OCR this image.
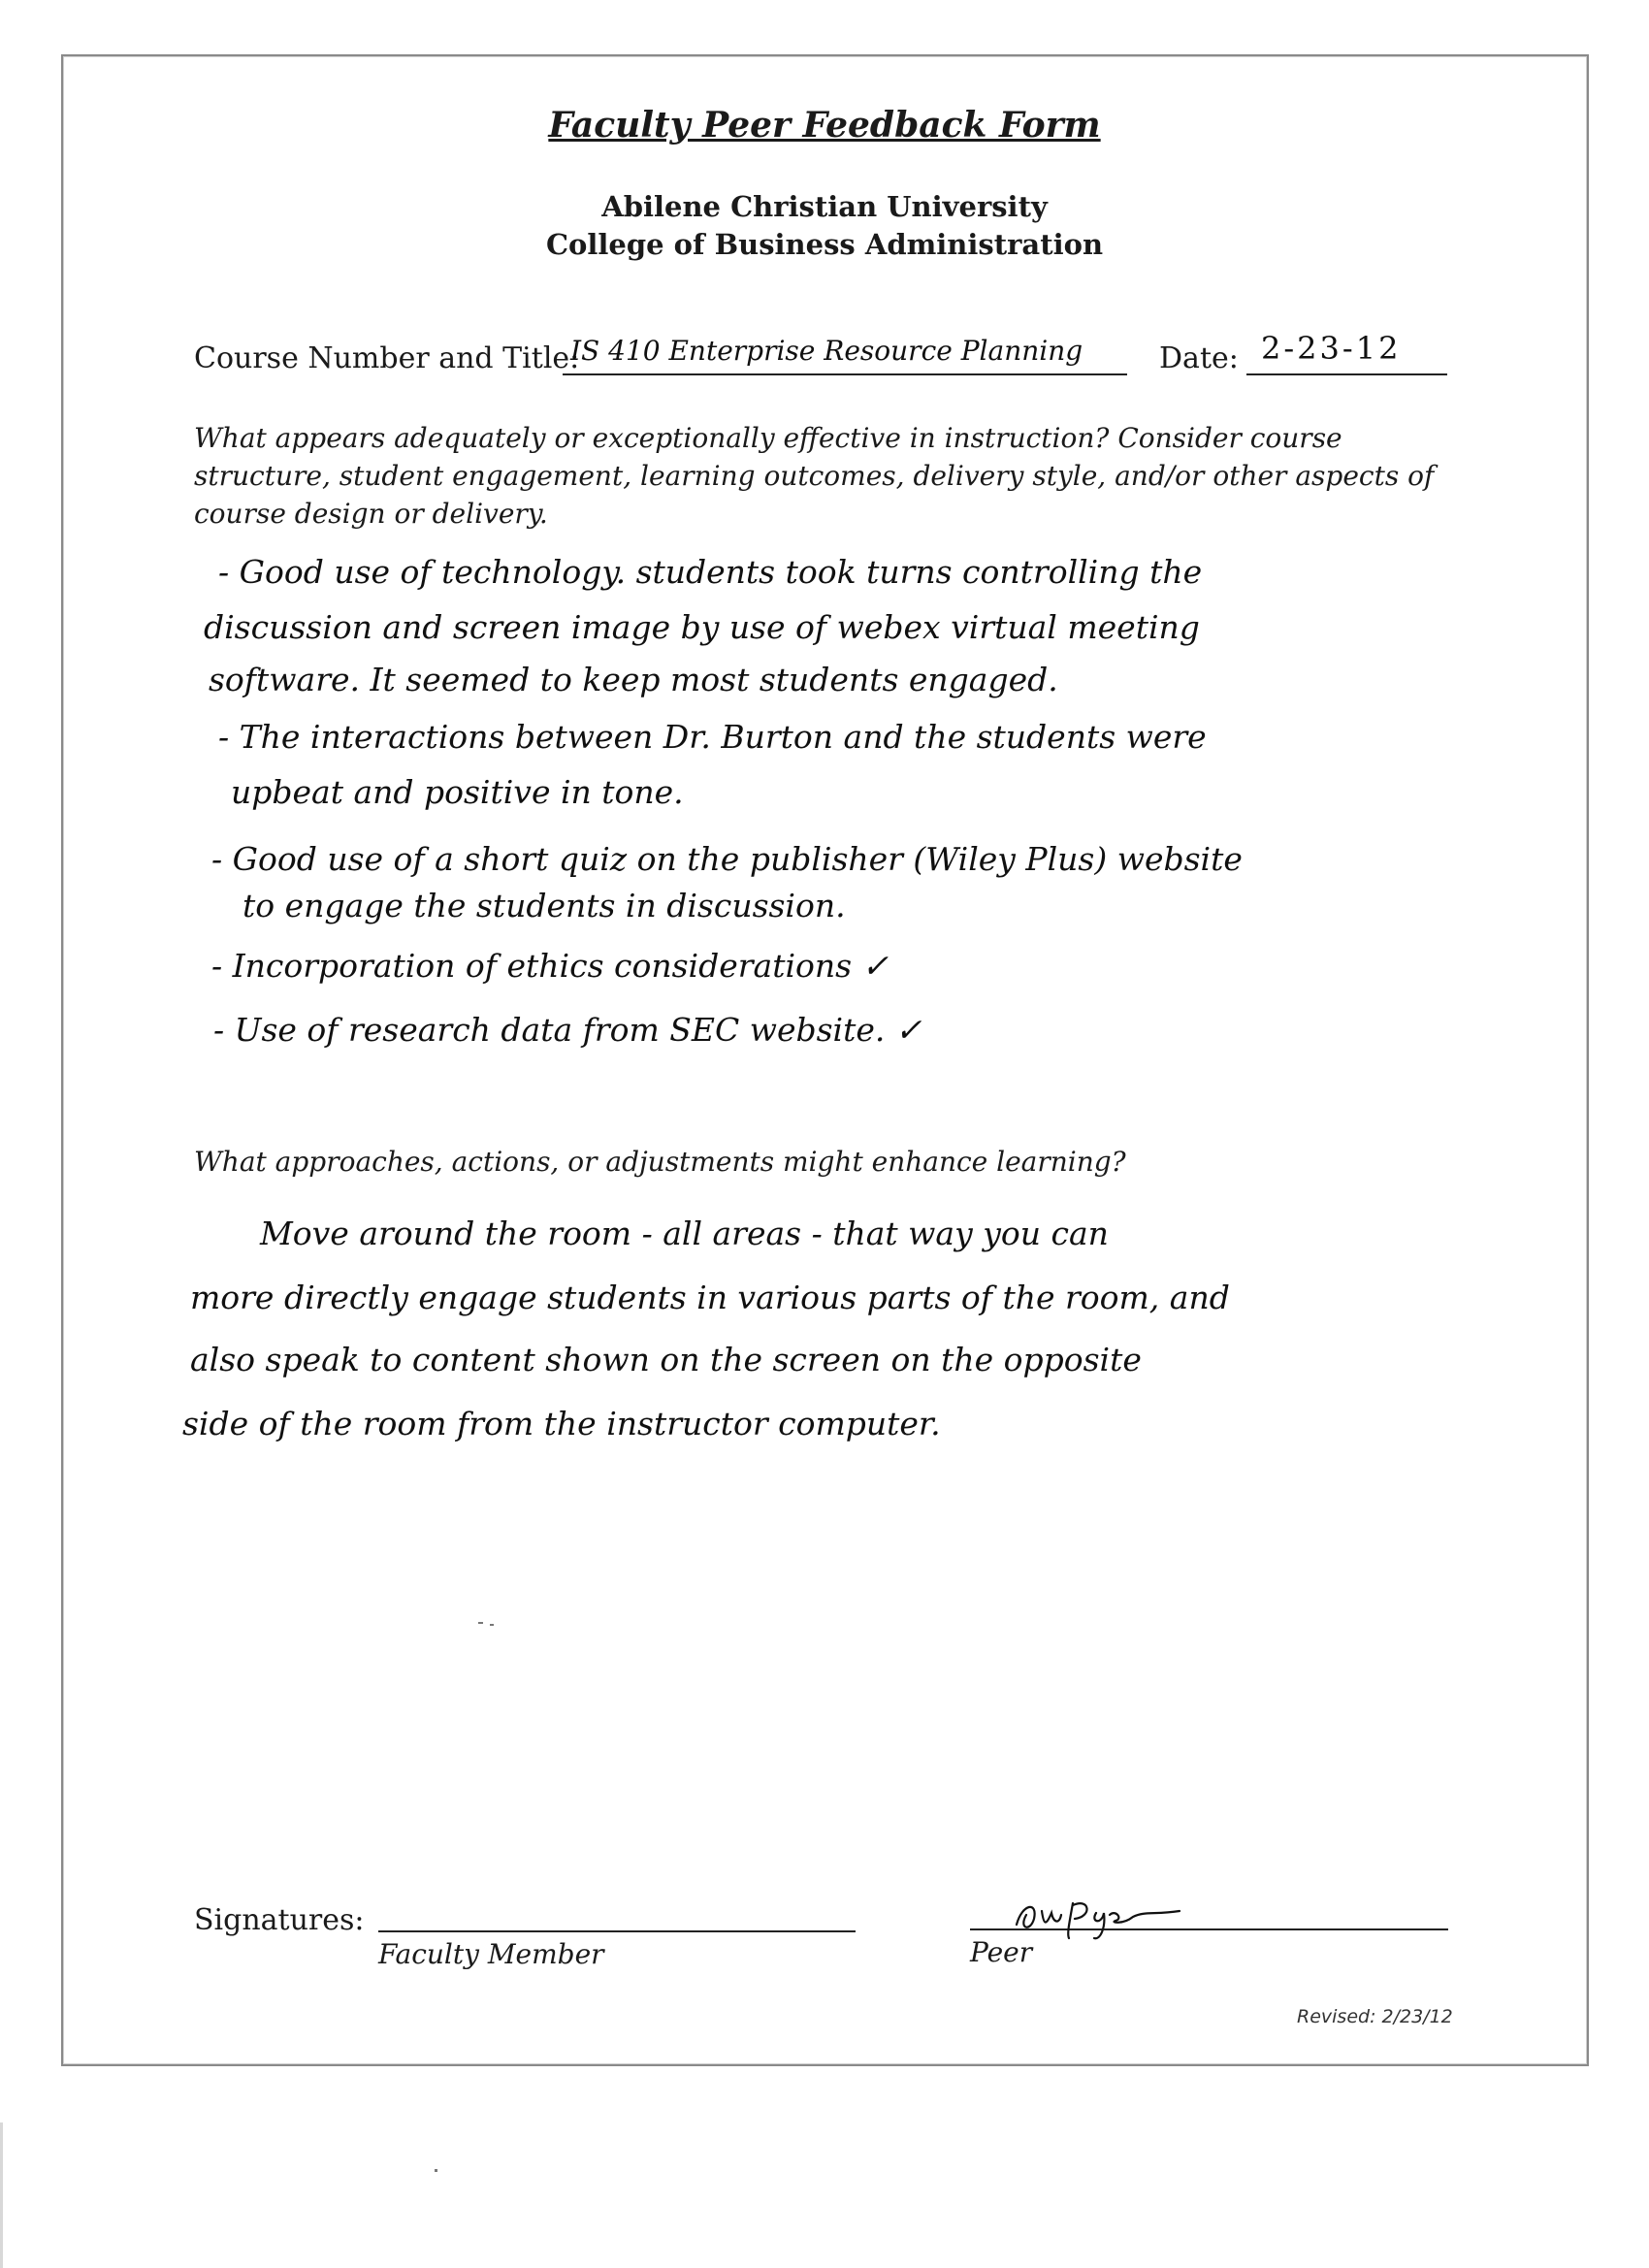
Faculty Peer Feedback Form
Abilene Christian University
College of Business Administration
Course Number and Title:
IS 410 Enterprise Resource Planning	Date: 2-23-12
What appears adequately or exceptionally effective in instruction? Consider course structure, student engagement, learning outcomes, delivery style, and/or other aspects of course design or delivery.
- Good use of technology. students took turns controlling the
discussion and screen image by use of webex virtual meeting
software. It seemed to keep most students engaged.
- The interactions between Dr. Burton and the students were
upbeat and positive in tone.
- Good use of a short quiz on the publisher (Wiley Plus) website
to engage the students in discussion.
- Incorporation of ethics considerations ✓
- Use of research data from SEC website. ✓
What approaches, actions, or adjustments might enhance learning?
Move around the room - all areas - that way you can
more directly engage students in various parts of the room, and
also speak to content shown on the screen on the opposite
side of the room from the instructor computer.
Signatures:
Faculty Member	Peer
Revised: 2/23/12
